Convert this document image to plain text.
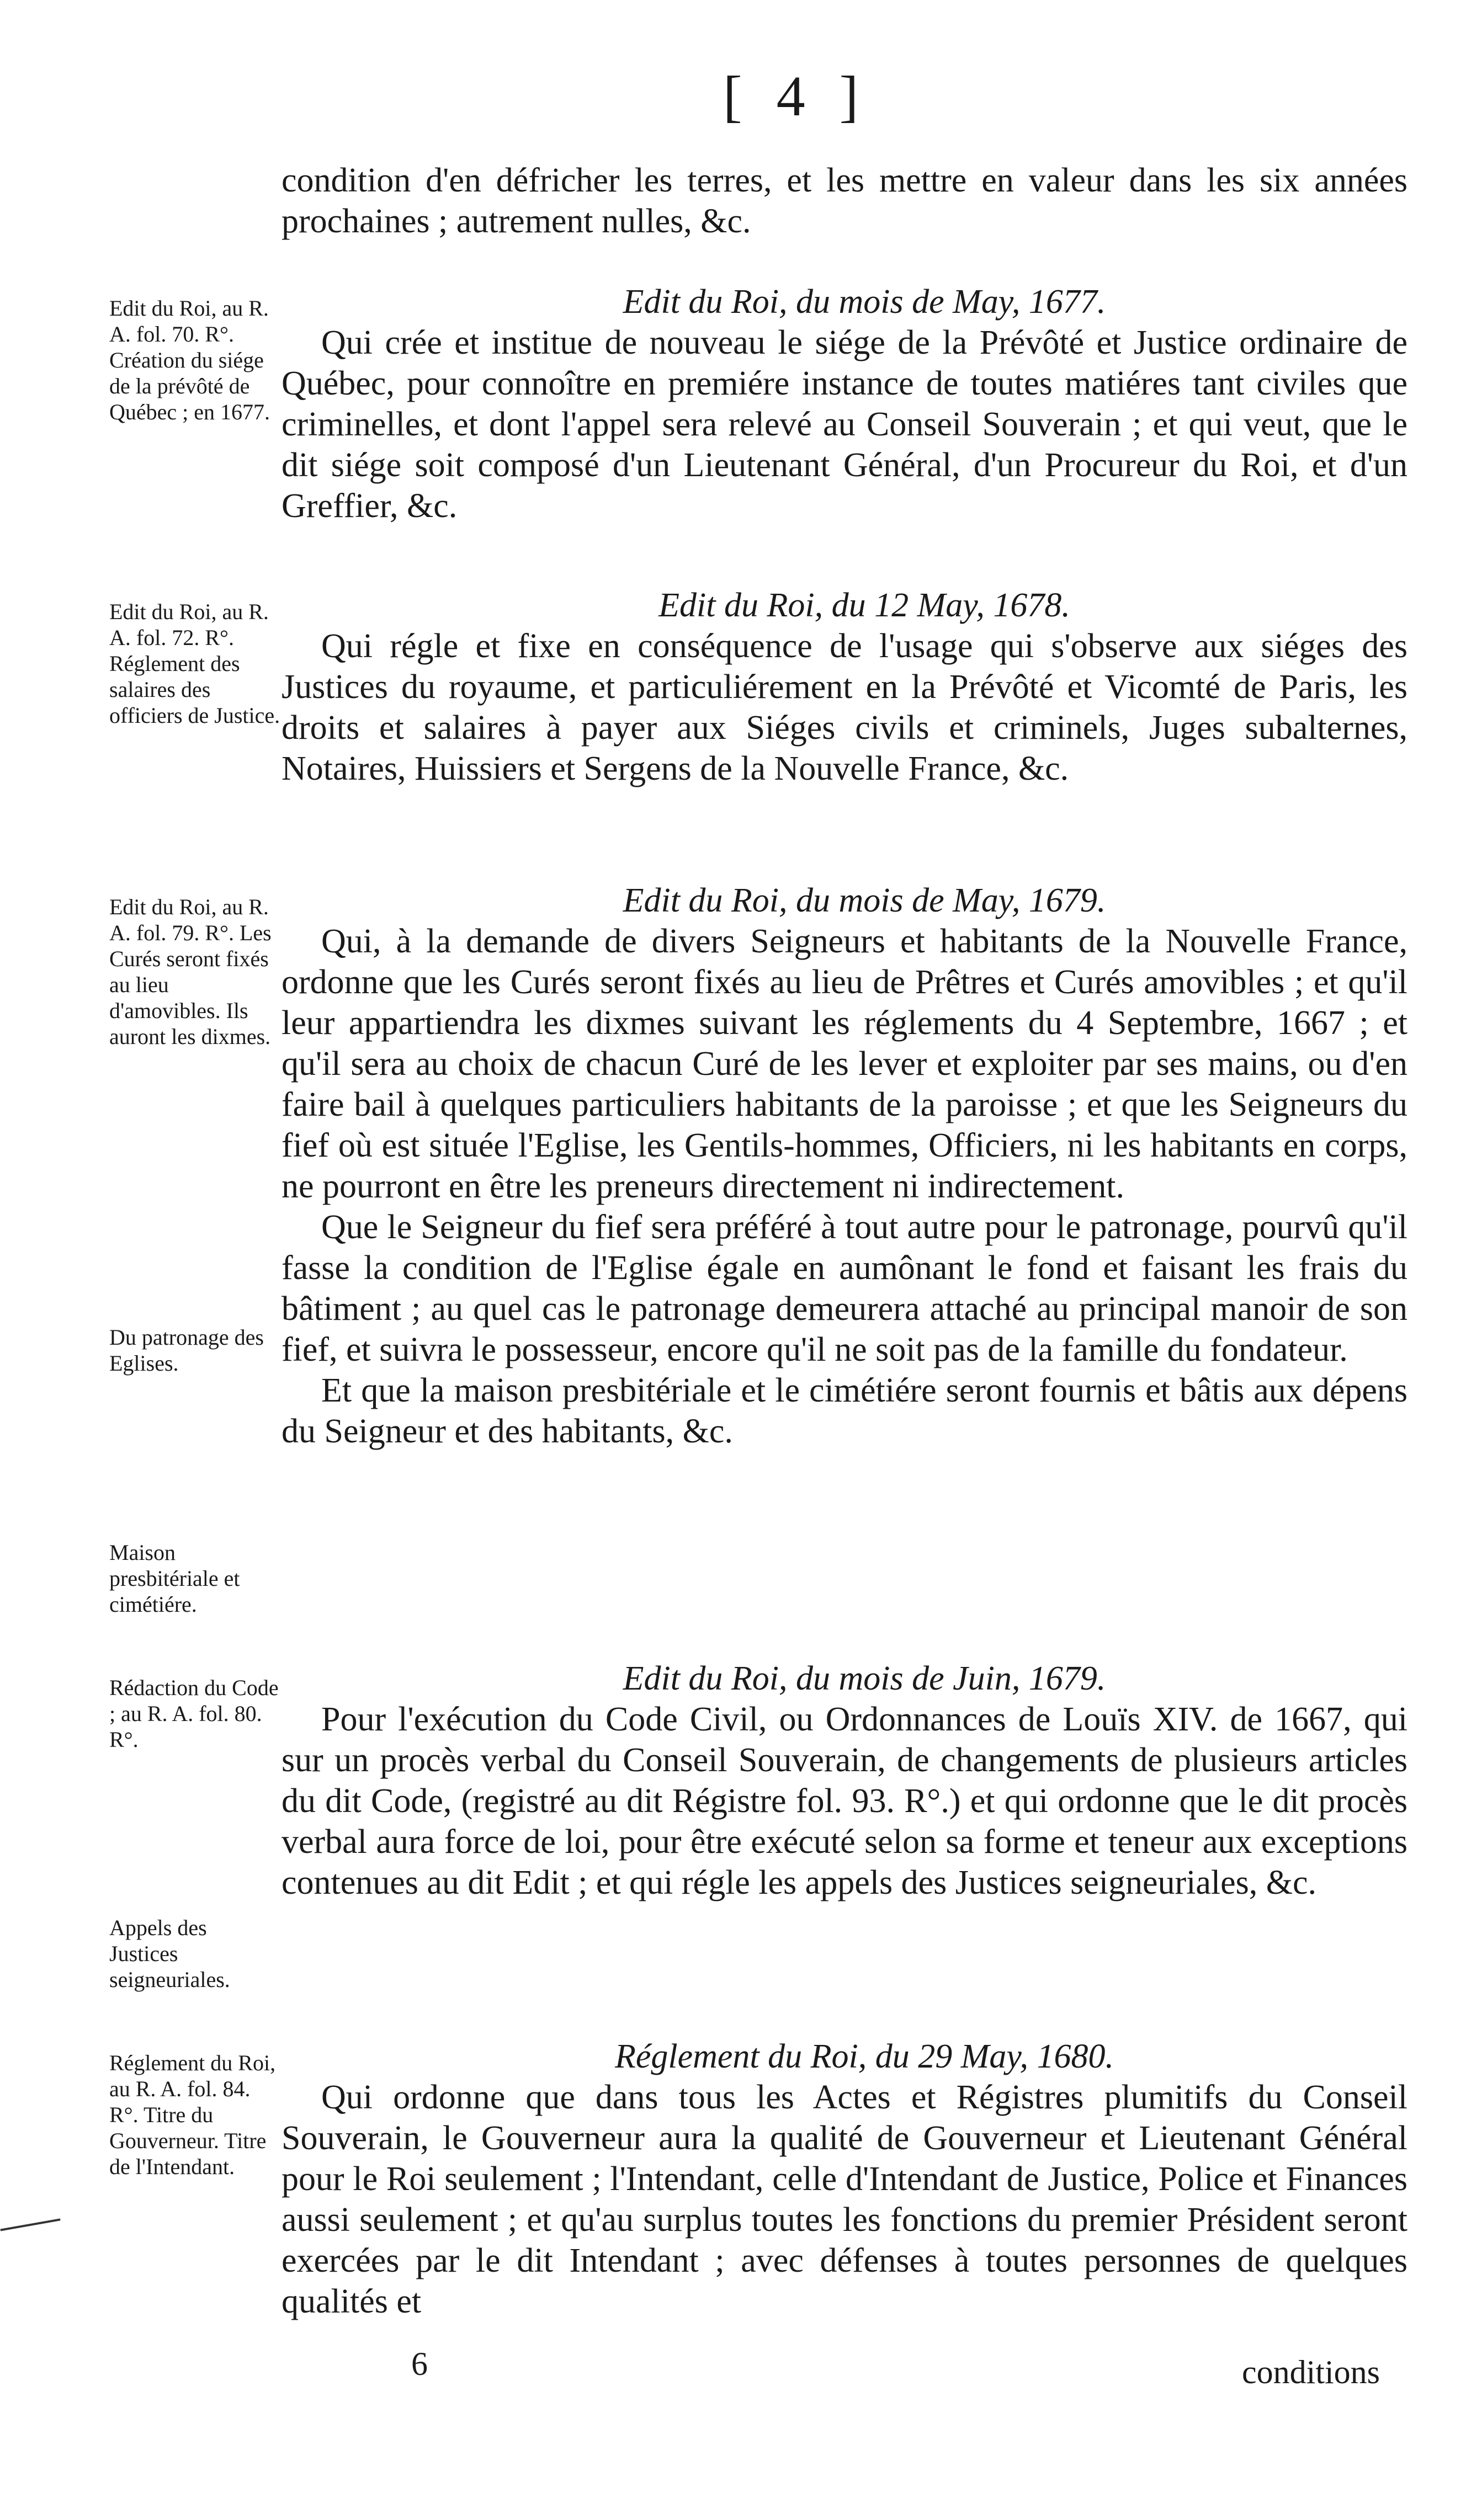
[ 4 ]

condition d'en défricher les terres, et les mettre en valeur dans les six années prochaines ; autrement nulles, &c.

Edit du Roi, au R. A. fol. 70. R°. Création du siége de la prévôté de Québec ; en 1677.

Edit du Roi, du mois de May, 1677.

Qui crée et institue de nouveau le siége de la Prévôté et Justice ordinaire de Québec, pour connoître en premiére instance de toutes matiéres tant civiles que criminelles, et dont l'appel sera relevé au Conseil Souverain ; et qui veut, que le dit siége soit composé d'un Lieutenant Général, d'un Procureur du Roi, et d'un Greffier, &c.

Edit du Roi, au R. A. fol. 72. R°. Réglement des salaires des officiers de Justice.

Edit du Roi, du 12 May, 1678.

Qui régle et fixe en conséquence de l'usage qui s'observe aux siéges des Justices du royaume, et particuliérement en la Prévôté et Vicomté de Paris, les droits et salaires à payer aux Siéges civils et criminels, Juges subalternes, Notaires, Huissiers et Sergens de la Nouvelle France, &c.

Edit du Roi, au R. A. fol. 79. R°. Les Curés seront fixés au lieu d'amovibles. Ils auront les dixmes.
Du patronage des Eglises.
Maison presbitériale et cimétiére.

Edit du Roi, du mois de May, 1679.

Qui, à la demande de divers Seigneurs et habitants de la Nouvelle France, ordonne que les Curés seront fixés au lieu de Prêtres et Curés amovibles ; et qu'il leur appartiendra les dixmes suivant les réglements du 4 Septembre, 1667 ; et qu'il sera au choix de chacun Curé de les lever et exploiter par ses mains, ou d'en faire bail à quelques particuliers habitants de la paroisse ; et que les Seigneurs du fief où est située l'Eglise, les Gentils-hommes, Officiers, ni les habitants en corps, ne pourront en être les preneurs directement ni indirectement.

Que le Seigneur du fief sera préféré à tout autre pour le patronage, pourvû qu'il fasse la condition de l'Eglise égale en aumônant le fond et faisant les frais du bâtiment ; au quel cas le patronage demeurera attaché au principal manoir de son fief, et suivra le possesseur, encore qu'il ne soit pas de la famille du fondateur.

Et que la maison presbitériale et le cimétiére seront fournis et bâtis aux dépens du Seigneur et des habitants, &c.

Rédaction du Code ; au R. A. fol. 80. R°.
Appels des Justices seigneuriales.

Edit du Roi, du mois de Juin, 1679.

Pour l'exécution du Code Civil, ou Ordonnances de Louïs XIV. de 1667, qui sur un procès verbal du Conseil Souverain, de changements de plusieurs articles du dit Code, (registré au dit Régistre fol. 93. R°.) et qui ordonne que le dit procès verbal aura force de loi, pour être exécuté selon sa forme et teneur aux exceptions contenues au dit Edit ; et qui régle les appels des Justices seigneuriales, &c.

Réglement du Roi, au R. A. fol. 84. R°. Titre du Gouverneur. Titre de l'Intendant.

Réglement du Roi, du 29 May, 1680.

Qui ordonne que dans tous les Actes et Régistres plumitifs du Conseil Souverain, le Gouverneur aura la qualité de Gouverneur et Lieutenant Général pour le Roi seulement ; l'Intendant, celle d'Intendant de Justice, Police et Finances aussi seulement ; et qu'au surplus toutes les fonctions du premier Président seront exercées par le dit Intendant ; avec défenses à toutes personnes de quelques qualités et

6	conditions
